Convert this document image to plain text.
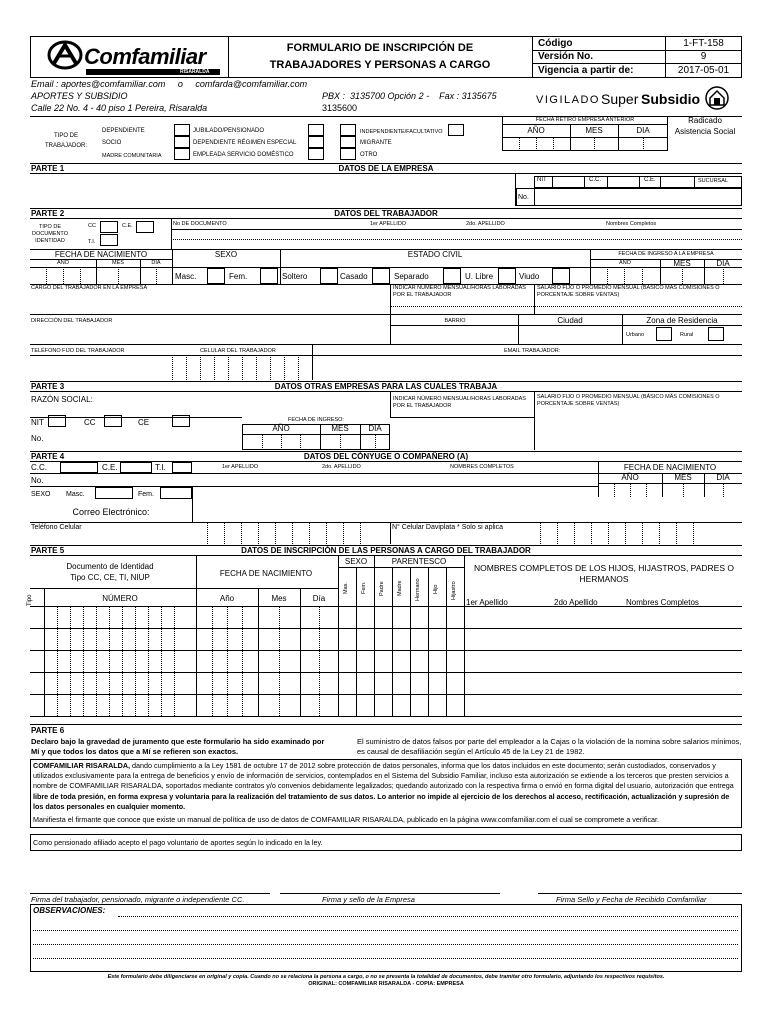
Comfamiliar
RISARALDA
FORMULARIO DE INSCRIPCIÓN DE
TRABAJADORES Y PERSONAS A CARGO
Código	1-FT-158
Versión No.	9
Vigencia a partir de:	2017-05-01
Email : aportes@comfamiliar.com     o     comfarda@comfamiliar.com
APORTES Y SUBSIDIO
Calle 22 No. 4 - 40 piso 1 Pereira, Risaralda
PBX :  3135700 Opción 2 -    Fax : 3135675
3135600
VIGILADO Super Subsidio
TIPO DE
TRABAJADOR:
DEPENDIENTE
SOCIO
MADRE COMUNITARIA
JUBILADO/PENSIONADO
DEPENDIENTE RÉGIMEN ESPECIAL
EMPLEADA SERVICIO DOMÉSTICO
INDEPENDIENTE/FACULTATIVO
MIGRANTE
OTRO
FECHA RETIRO EMPRESA ANTERIOR
AÑO	MES	DIA
Radicado
Asistencia Social
PARTE 1	DATOS DE LA EMPRESA
NIT	C.C.	C.E.	SUCURSAL
No.
PARTE 2	DATOS DEL TRABAJADOR
TIPO DE
DOCUMENTO
IDENTIDAD
CC	C.E.
T.I.
No DE DOCUMENTO	1er APELLIDO	2do. APELLIDO	Nombres Completos
FECHA DE NACIMIENTO
AÑO	MES	DIA
SEXO
Masc.	Fem.
ESTADO CIVIL
Soltero	Casado	Separado	U. Libre	Viudo
FECHA DE INGRESO A LA EMPRESA
AÑO	MES	DIA
CARGO DEL TRABAJADOR EN LA EMPRESA	INDICAR NÚMERO MENSUAL/HORAS LABORADAS POR EL TRABAJADOR
SALARIO FIJO O PROMEDIO MENSUAL (BÁSICO MÁS COMISIONES O PORCENTAJE SOBRE VENTAS)
DIRECCIÓN DEL TRABAJADOR	BARRIO	Ciudad	Zona de Residencia
Urbano	Rural
TELÉFONO FIJO DEL TRABAJADOR	CELULAR DEL TRABAJADOR	EMAIL TRABAJADOR:
PARTE 3	DATOS OTRAS EMPRESAS PARA LAS CUALES TRABAJA
RAZÓN SOCIAL:	INDICAR NÚMERO MENSUAL/HORAS LABORADAS POR EL TRABAJADOR
SALARIO FIJO O PROMEDIO MENSUAL (BÁSICO MÁS COMISIONES O PORCENTAJE SOBRE VENTAS)
NIT	CC	CE	FECHA DE INGRESO:
AÑO	MES	DIA
No.
PARTE 4	DATOS DEL CÓNYUGE O COMPAÑERO (A)
C.C.	C.E.	T.I.	1er APELLIDO	2do. APELLIDO	NOMBRES COMPLETOS	FECHA DE NACIMIENTO
No.	AÑO	MES	DIA
SEXO Masc.	Fem.
Correo Electrónico:
Teléfono Celular	N° Celular Daviplata * Solo si aplica
PARTE 5	DATOS DE INSCRIPCIÓN DE LAS PERSONAS A CARGO DEL TRABAJADOR
Documento de Identidad
Tipo CC, CE, TI, NIUP	FECHA DE NACIMIENTO
SEXO	PARENTESCO
NOMBRES COMPLETOS DE LOS HIJOS, HIJASTROS, PADRES O HERMANOS
Tipo	NÚMERO	Año	Mes	Día
Mas. Fem. Padre Madre Hermano Hijo Hijastro
1er Apellido	2do Apellido	Nombres Completos
PARTE 6
Declaro bajo la gravedad de juramento que este formulario ha sido examinado por Mí y que todos los datos que a Mí se refieren son exactos.
El suministro de datos falsos por parte del empleador a la Cajas o la violación de la nomina sobre salarios mínimos, es causal de desafiliación según el Artículo 45 de la Ley 21 de 1982.
COMFAMILIAR RISARALDA, dando cumplimiento a la Ley 1581 de octubre 17 de 2012 sobre protección de datos personales, informa que los datos incluidos en este documento; serán custodiados, conservados y utilizados exclusivamente para la entrega de beneficios y envío de información de servicios, contemplados en el Sistema del Subsidio Familiar, incluso esta autorización se extiende a los terceros que presten servicios a nombre de COMFAMILIAR RISARALDA, soportados mediante contratos y/o convenios debidamente legalizados; quedando autorizado con la respectiva firma o envió en forma digital del usuario, autorización que entrega libre de toda presión, en forma expresa y voluntaria para la realización del tratamiento de sus datos. Lo anterior no impide al ejercicio de los derechos al acceso, rectificación, actualización y supresión de los datos personales en cualquier momento.
Manifiesta el firmante que conoce que existe un manual de política de uso de datos de COMFAMILIAR RISARALDA, publicado en la página www.comfamiliar.com el cual se compromete a verificar.
Como pensionado afiliado acepto el pago voluntario de aportes según lo indicado en la ley.
Firma del trabajador, pensionado, migrante o independiente CC.	Firma y sello de la Empresa	Firma Sello y Fecha de Recibido Comfamiliar
OBSERVACIONES:
Este formulario debe diligenciarse en original y copia. Cuando no se relaciona la persona a cargo, o no se presenta la totalidad de documentos, debe tramitar otro formulario, adjuntando los respectivos requisitos.
ORIGINAL: COMFAMILIAR RISARALDA - COPIA: EMPRESA
